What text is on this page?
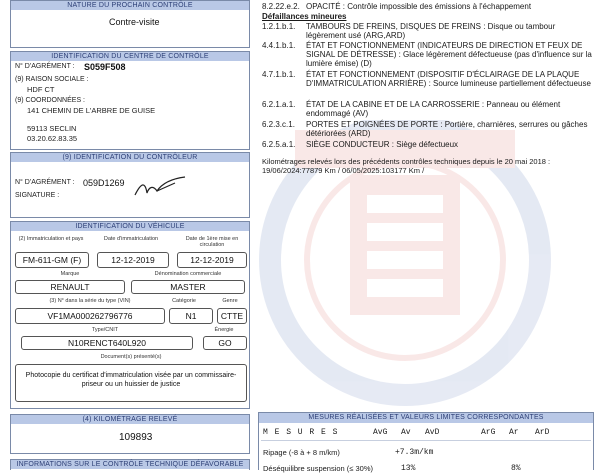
NATURE DU PROCHAIN CONTRÔLE
Contre-visite
IDENTIFICATION DU CENTRE DE CONTRÔLE
N° D'AGRÉMENT : S059F508
(9) RAISON SOCIALE :
HDF CT
(9) COORDONNÉES :
141 CHEMIN DE L'ARBRE DE GUISE
59113 SECLIN
03.20.62.83.35
(9) IDENTIFICATION DU CONTRÔLEUR
N° D'AGRÉMENT : 059D1269
SIGNATURE :
IDENTIFICATION DU VÉHICULE
(2) Immatriculation et pays	Date d'immatriculation	Date de 1ère mise en circulation
FM-611-GM (F)	12-12-2019	12-12-2019
Marque	Dénomination commerciale
RENAULT	MASTER
(3) N° dans la série du type (VIN)	Catégorie	Genre
VF1MA000262796776	N1	CTTE
Type/CNIT	Énergie
N10RENCT640L920	GO
Document(s) présenté(s)
Photocopie du certificat d'immatriculation visée par un commissaire-priseur ou un huissier de justice
(4) KILOMÉTRAGE RELEVÉ
109893
INFORMATIONS SUR LE CONTRÔLE TECHNIQUE DÉFAVORABLE
8.2.22.e.2. OPACITÉ : Contrôle impossible des émissions à l'échappement
Défaillances mineures
1.2.1.b.1. TAMBOURS DE FREINS, DISQUES DE FREINS : Disque ou tambour légèrement usé (ARG,ARD)
4.4.1.b.1. ÉTAT ET FONCTIONNEMENT (INDICATEURS DE DIRECTION ET FEUX DE SIGNAL DE DÉTRESSE) : Glace légèrement défectueuse (pas d'influence sur la lumière émise) (D)
4.7.1.b.1. ÉTAT ET FONCTIONNEMENT (DISPOSITIF D'ÉCLAIRAGE DE LA PLAQUE D'IMMATRICULATION ARRIÈRE) : Source lumineuse partiellement défectueuse
6.2.1.a.1. ÉTAT DE LA CABINE ET DE LA CARROSSERIE : Panneau ou élément endommagé (AV)
6.2.3.c.1. PORTES ET POIGNÉES DE PORTE : Portière, charnières, serrures ou gâches détériorées (ARD)
6.2.5.a.1. SIÈGE CONDUCTEUR : Siège défectueux
Kilométrages relevés lors des précédents contrôles techniques depuis le 20 mai 2018 : 19/06/2024:77879 Km / 06/05/2025:103177 Km /
MESURES RÉALISÉES ET VALEURS LIMITES CORRESPONDANTES
M E S U R E S	AvG Av AvD	ArG Ar ArD
Ripage (-8 à + 8 m/km)	+7.3m/km
Déséquilibre suspension (≤ 30%)	13%	8%
